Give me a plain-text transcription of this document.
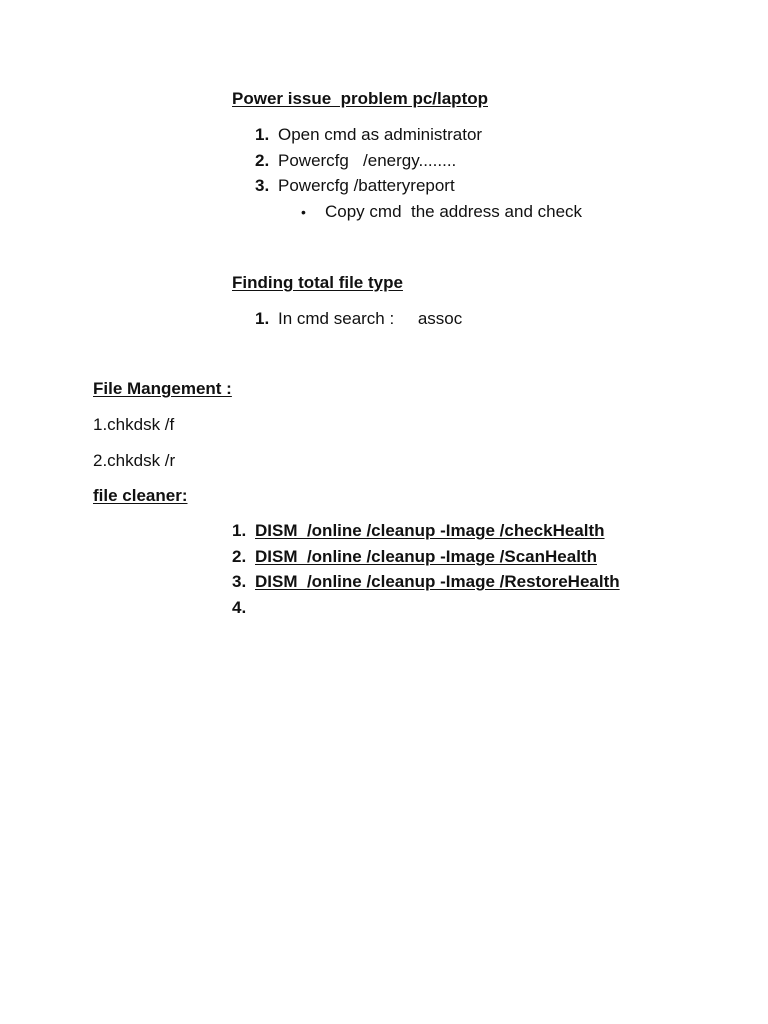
Power issue  problem pc/laptop
1. Open cmd as administrator
2. Powercfg   /energy........
3. Powercfg /batteryreport
• Copy cmd  the address and check
Finding total file type
1. In cmd search :     assoc
File Mangement :
1.chkdsk /f
2.chkdsk /r
file cleaner:
1. DISM  /online /cleanup -Image /checkHealth
2. DISM  /online /cleanup -Image /ScanHealth
3. DISM  /online /cleanup -Image /RestoreHealth
4.
